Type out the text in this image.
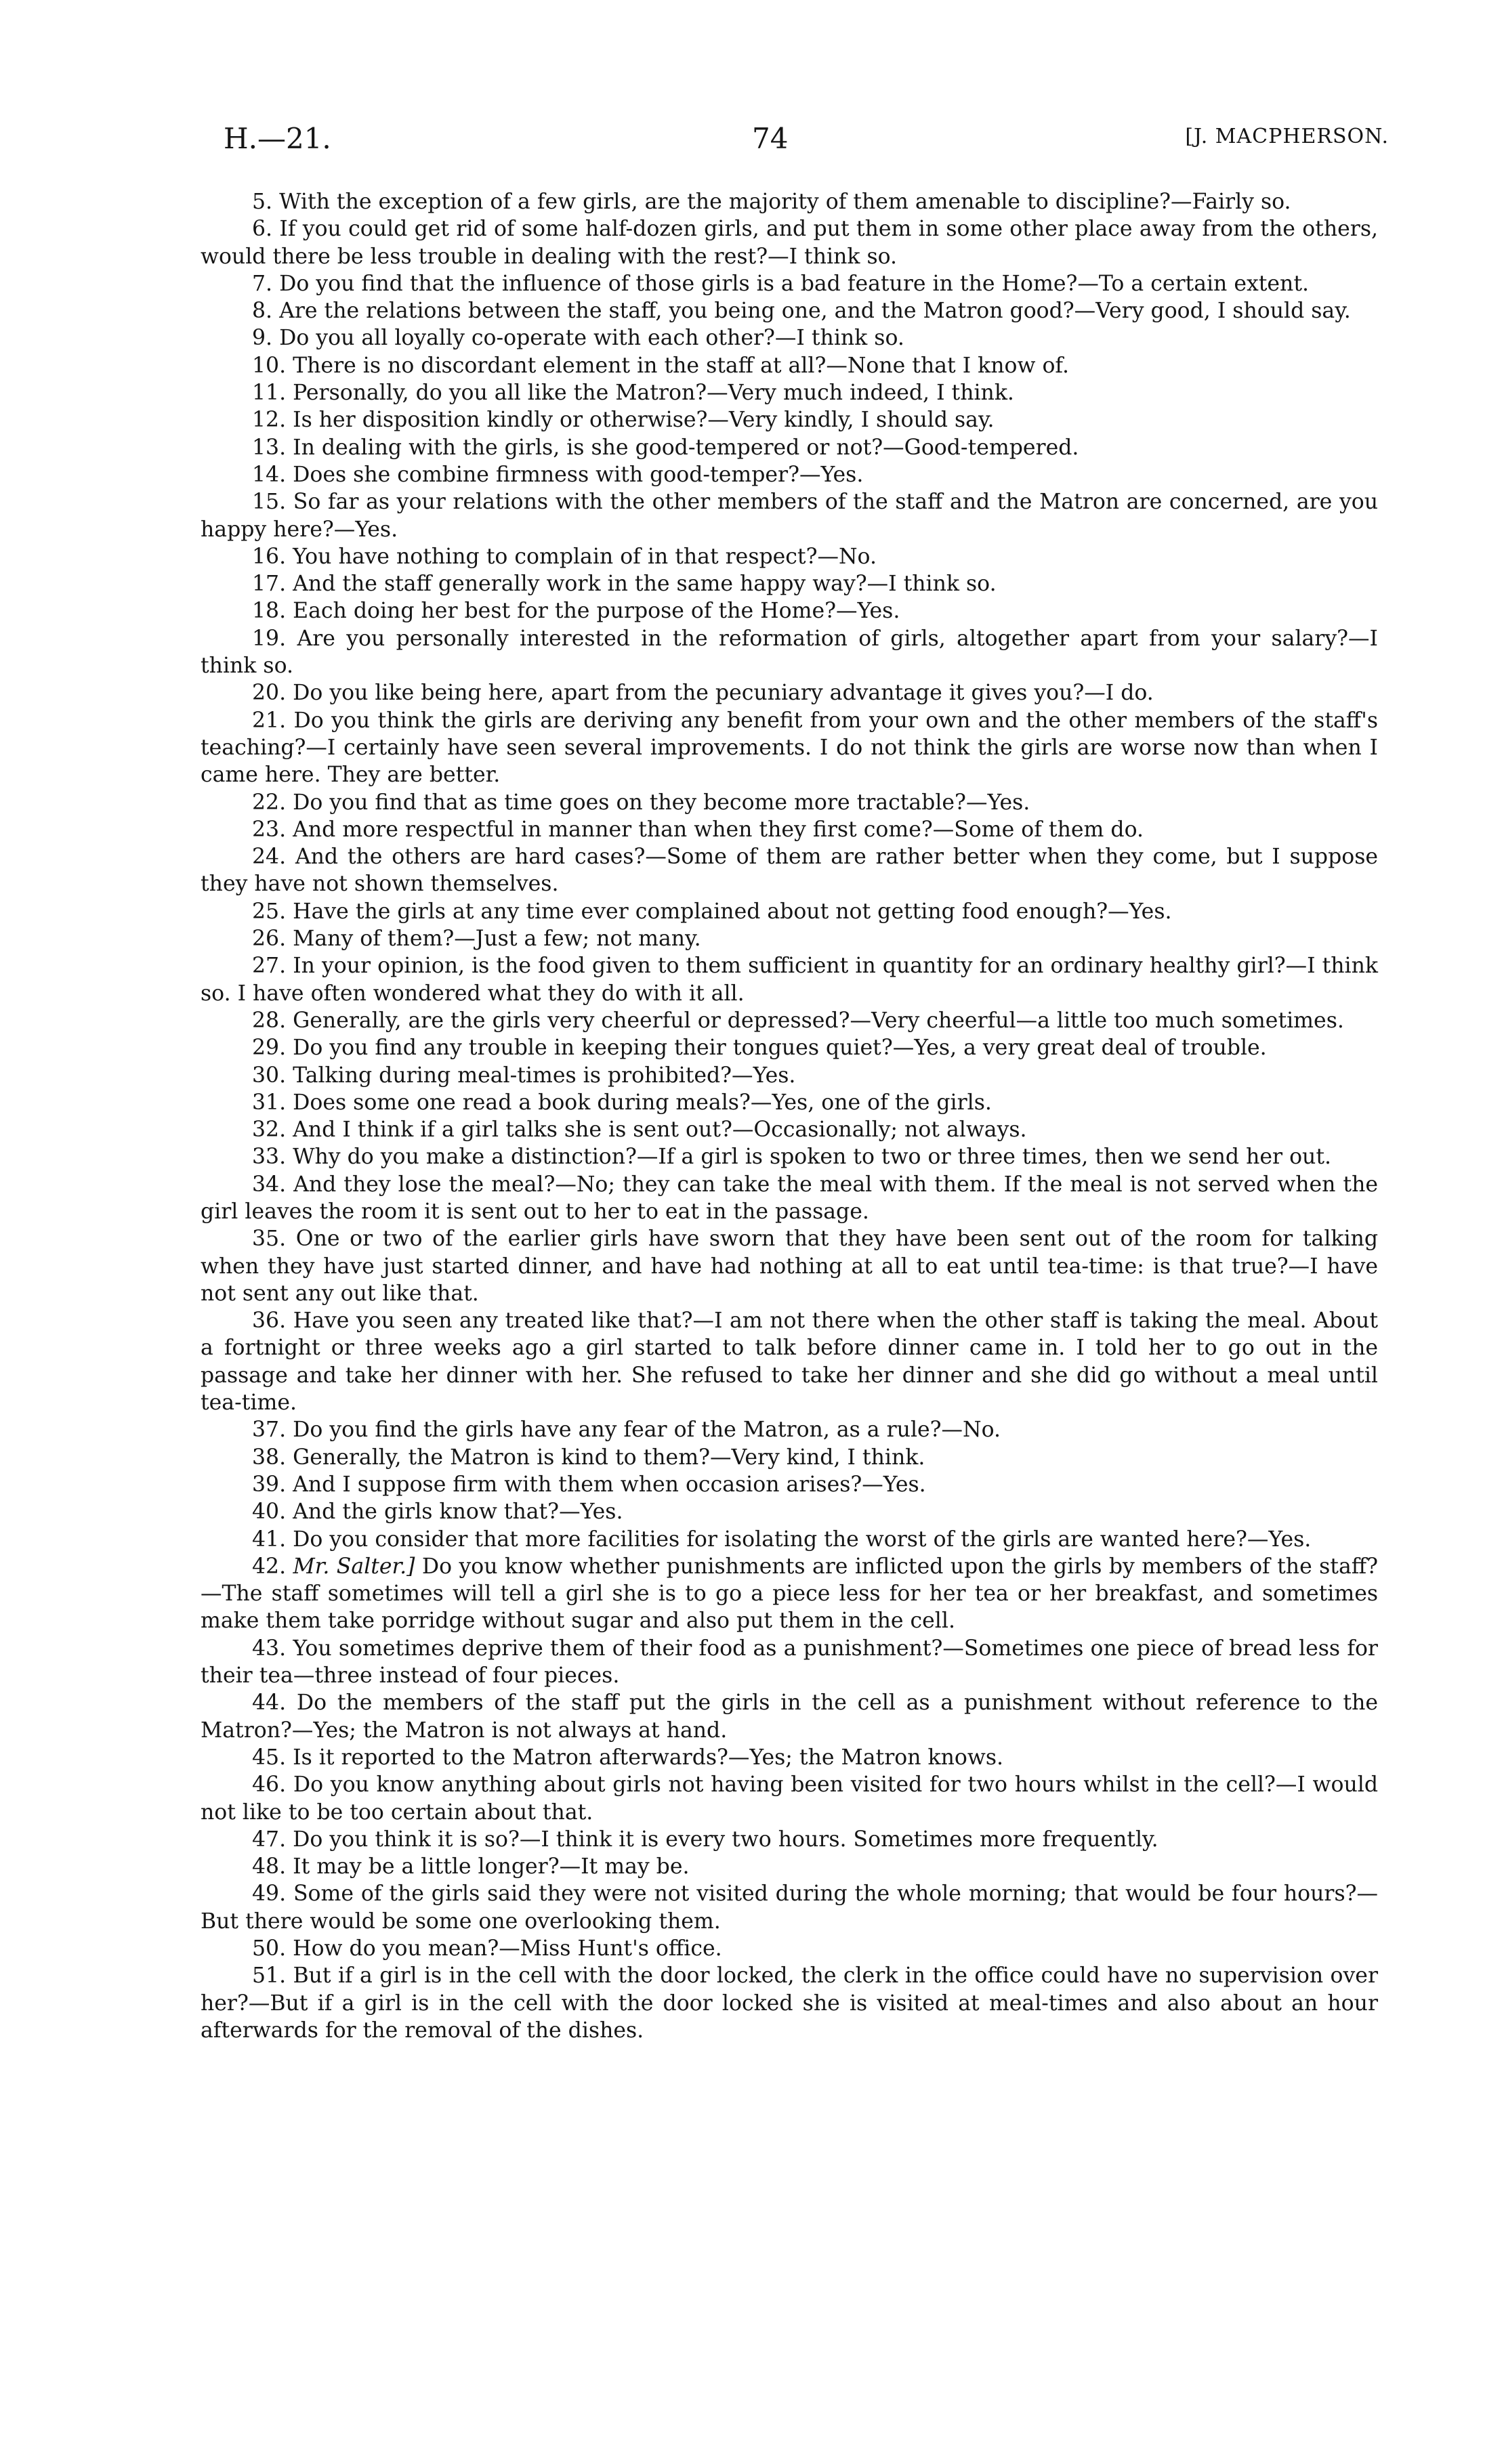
H.—21.	74	[J. MACPHERSON.

5. With the exception of a few girls, are the majority of them amenable to discipline?—Fairly so.

6. If you could get rid of some half-dozen girls, and put them in some other place away from the others, would there be less trouble in dealing with the rest?—I think so.

7. Do you find that the influence of those girls is a bad feature in the Home?—To a certain extent.

8. Are the relations between the staff, you being one, and the Matron good?—Very good, I should say.

9. Do you all loyally co-operate with each other?—I think so.

10. There is no discordant element in the staff at all?—None that I know of.

11. Personally, do you all like the Matron?—Very much indeed, I think.

12. Is her disposition kindly or otherwise?—Very kindly, I should say.

13. In dealing with the girls, is she good-tempered or not?—Good-tempered.

14. Does she combine firmness with good-temper?—Yes.

15. So far as your relations with the other members of the staff and the Matron are concerned, are you happy here?—Yes.

16. You have nothing to complain of in that respect?—No.

17. And the staff generally work in the same happy way?—I think so.

18. Each doing her best for the purpose of the Home?—Yes.

19. Are you personally interested in the reformation of girls, altogether apart from your salary?—I think so.

20. Do you like being here, apart from the pecuniary advantage it gives you?—I do.

21. Do you think the girls are deriving any benefit from your own and the other members of the staff's teaching?—I certainly have seen several improvements. I do not think the girls are worse now than when I came here. They are better.

22. Do you find that as time goes on they become more tractable?—Yes.

23. And more respectful in manner than when they first come?—Some of them do.

24. And the others are hard cases?—Some of them are rather better when they come, but I suppose they have not shown themselves.

25. Have the girls at any time ever complained about not getting food enough?—Yes.

26. Many of them?—Just a few; not many.

27. In your opinion, is the food given to them sufficient in quantity for an ordinary healthy girl?—I think so. I have often wondered what they do with it all.

28. Generally, are the girls very cheerful or depressed?—Very cheerful—a little too much sometimes.

29. Do you find any trouble in keeping their tongues quiet?—Yes, a very great deal of trouble.

30. Talking during meal-times is prohibited?—Yes.

31. Does some one read a book during meals?—Yes, one of the girls.

32. And I think if a girl talks she is sent out?—Occasionally; not always.

33. Why do you make a distinction?—If a girl is spoken to two or three times, then we send her out.

34. And they lose the meal?—No; they can take the meal with them. If the meal is not served when the girl leaves the room it is sent out to her to eat in the passage.

35. One or two of the earlier girls have sworn that they have been sent out of the room for talking when they have just started dinner, and have had nothing at all to eat until tea-time: is that true?—I have not sent any out like that.

36. Have you seen any treated like that?—I am not there when the other staff is taking the meal. About a fortnight or three weeks ago a girl started to talk before dinner came in. I told her to go out in the passage and take her dinner with her. She refused to take her dinner and she did go without a meal until tea-time.

37. Do you find the girls have any fear of the Matron, as a rule?—No.

38. Generally, the Matron is kind to them?—Very kind, I think.

39. And I suppose firm with them when occasion arises?—Yes.

40. And the girls know that?—Yes.

41. Do you consider that more facilities for isolating the worst of the girls are wanted here?—Yes.

42. Mr. Salter.] Do you know whether punishments are inflicted upon the girls by members of the staff?—The staff sometimes will tell a girl she is to go a piece less for her tea or her breakfast, and sometimes make them take porridge without sugar and also put them in the cell.

43. You sometimes deprive them of their food as a punishment?—Sometimes one piece of bread less for their tea—three instead of four pieces.

44. Do the members of the staff put the girls in the cell as a punishment without reference to the Matron?—Yes; the Matron is not always at hand.

45. Is it reported to the Matron afterwards?—Yes; the Matron knows.

46. Do you know anything about girls not having been visited for two hours whilst in the cell?—I would not like to be too certain about that.

47. Do you think it is so?—I think it is every two hours. Sometimes more frequently.

48. It may be a little longer?—It may be.

49. Some of the girls said they were not visited during the whole morning; that would be four hours?—But there would be some one overlooking them.

50. How do you mean?—Miss Hunt's office.

51. But if a girl is in the cell with the door locked, the clerk in the office could have no supervision over her?—But if a girl is in the cell with the door locked she is visited at meal-times and also about an hour afterwards for the removal of the dishes.
